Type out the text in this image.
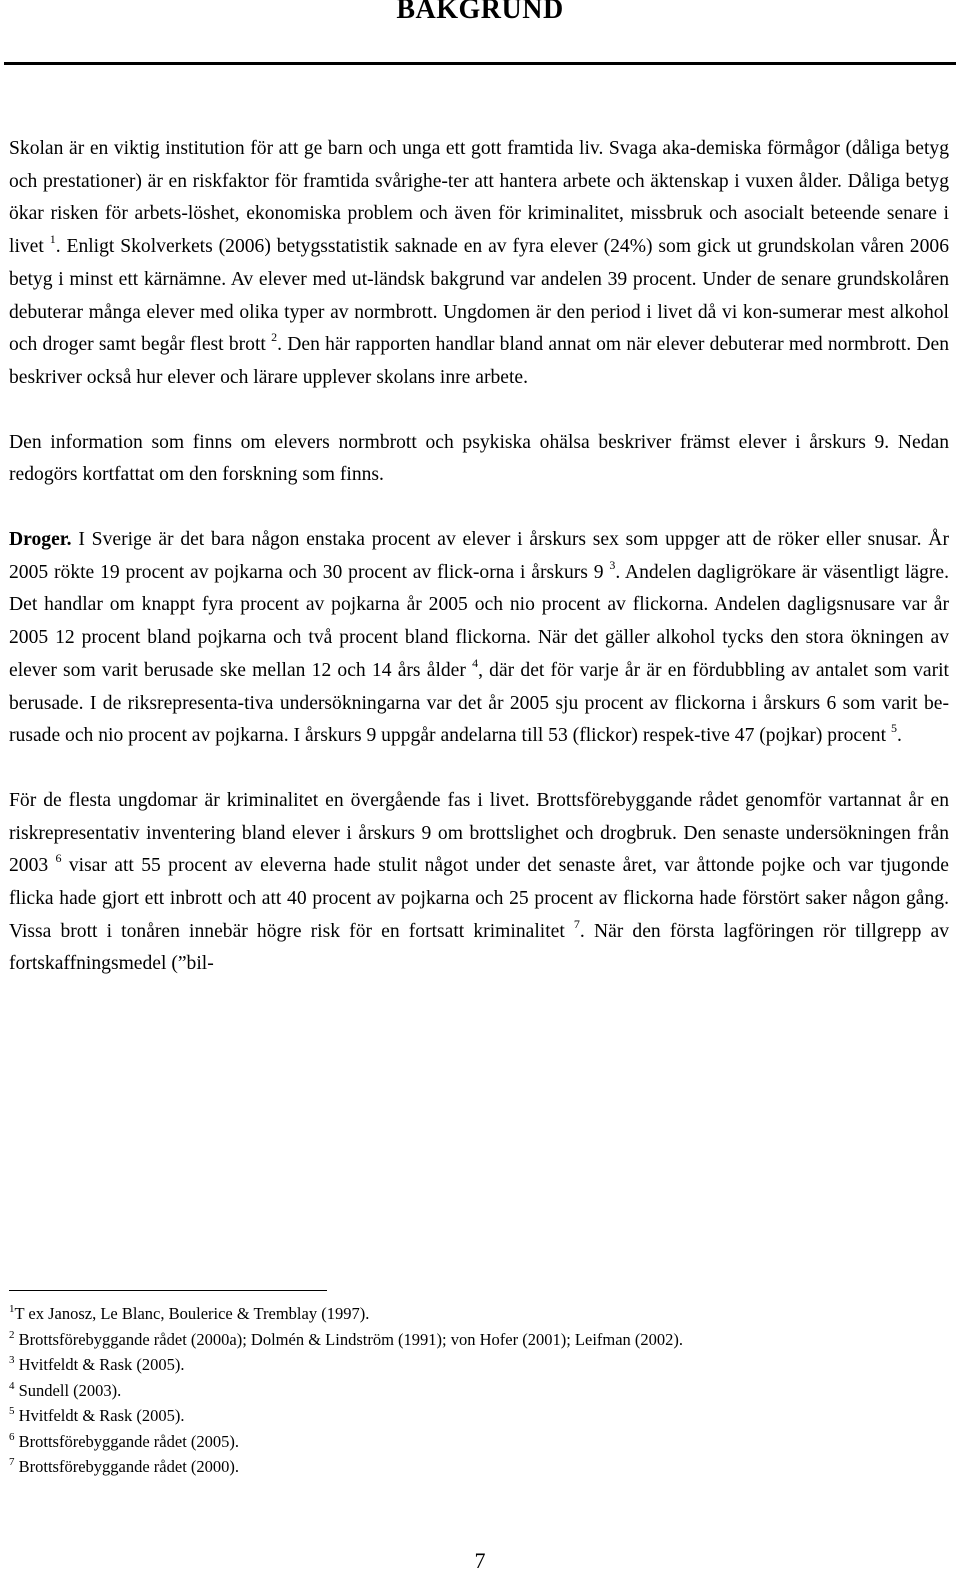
BAKGRUND

Skolan är en viktig institution för att ge barn och unga ett gott framtida liv. Svaga aka-demiska förmågor (dåliga betyg och prestationer) är en riskfaktor för framtida svårighe-ter att hantera arbete och äktenskap i vuxen ålder. Dåliga betyg ökar risken för arbets-löshet, ekonomiska problem och även för kriminalitet, missbruk och asocialt beteende senare i livet $^1$. Enligt Skolverkets (2006) betygsstatistik saknade en av fyra elever (24%) som gick ut grundskolan våren 2006 betyg i minst ett kärnämne. Av elever med ut-ländsk bakgrund var andelen 39 procent. Under de senare grundskolåren debuterar många elever med olika typer av normbrott. Ungdomen är den period i livet då vi kon-sumerar mest alkohol och droger samt begår flest brott $^2$. Den här rapporten handlar bland annat om när elever debuterar med normbrott. Den beskriver också hur elever och lärare upplever skolans inre arbete.

Den information som finns om elevers normbrott och psykiska ohälsa beskriver främst elever i årskurs 9. Nedan redogörs kortfattat om den forskning som finns.

Droger. I Sverige är det bara någon enstaka procent av elever i årskurs sex som uppger att de röker eller snusar. År 2005 rökte 19 procent av pojkarna och 30 procent av flick-orna i årskurs 9 $^3$. Andelen dagligrökare är väsentligt lägre. Det handlar om knappt fyra procent av pojkarna år 2005 och nio procent av flickorna. Andelen dagligsnusare var år 2005 12 procent bland pojkarna och två procent bland flickorna. När det gäller alkohol tycks den stora ökningen av elever som varit berusade ske mellan 12 och 14 års ålder $^4$, där det för varje år är en fördubbling av antalet som varit berusade. I de riksrepresenta-tiva undersökningarna var det år 2005 sju procent av flickorna i årskurs 6 som varit be-rusade och nio procent av pojkarna. I årskurs 9 uppgår andelarna till 53 (flickor) respek-tive 47 (pojkar) procent $^5$.

För de flesta ungdomar är kriminalitet en övergående fas i livet. Brottsförebyggande rådet genomför vartannat år en riskrepresentativ inventering bland elever i årskurs 9 om brottslighet och drogbruk. Den senaste undersökningen från 2003 $^6$ visar att 55 procent av eleverna hade stulit något under det senaste året, var åttonde pojke och var tjugonde flicka hade gjort ett inbrott och att 40 procent av pojkarna och 25 procent av flickorna hade förstört saker någon gång. Vissa brott i tonåren innebär högre risk för en fortsatt kriminalitet $^7$. När den första lagföringen rör tillgrepp av fortskaffningsmedel (”bil-

$^1$T ex Janosz, Le Blanc, Boulerice & Tremblay (1997).
$^2$ Brottsförebyggande rådet (2000a); Dolmén & Lindström (1991); von Hofer (2001); Leifman (2002).
$^3$ Hvitfeldt & Rask (2005).
$^4$ Sundell (2003).
$^5$ Hvitfeldt & Rask (2005).
$^6$ Brottsförebyggande rådet (2005).
$^7$ Brottsförebyggande rådet (2000).
7
